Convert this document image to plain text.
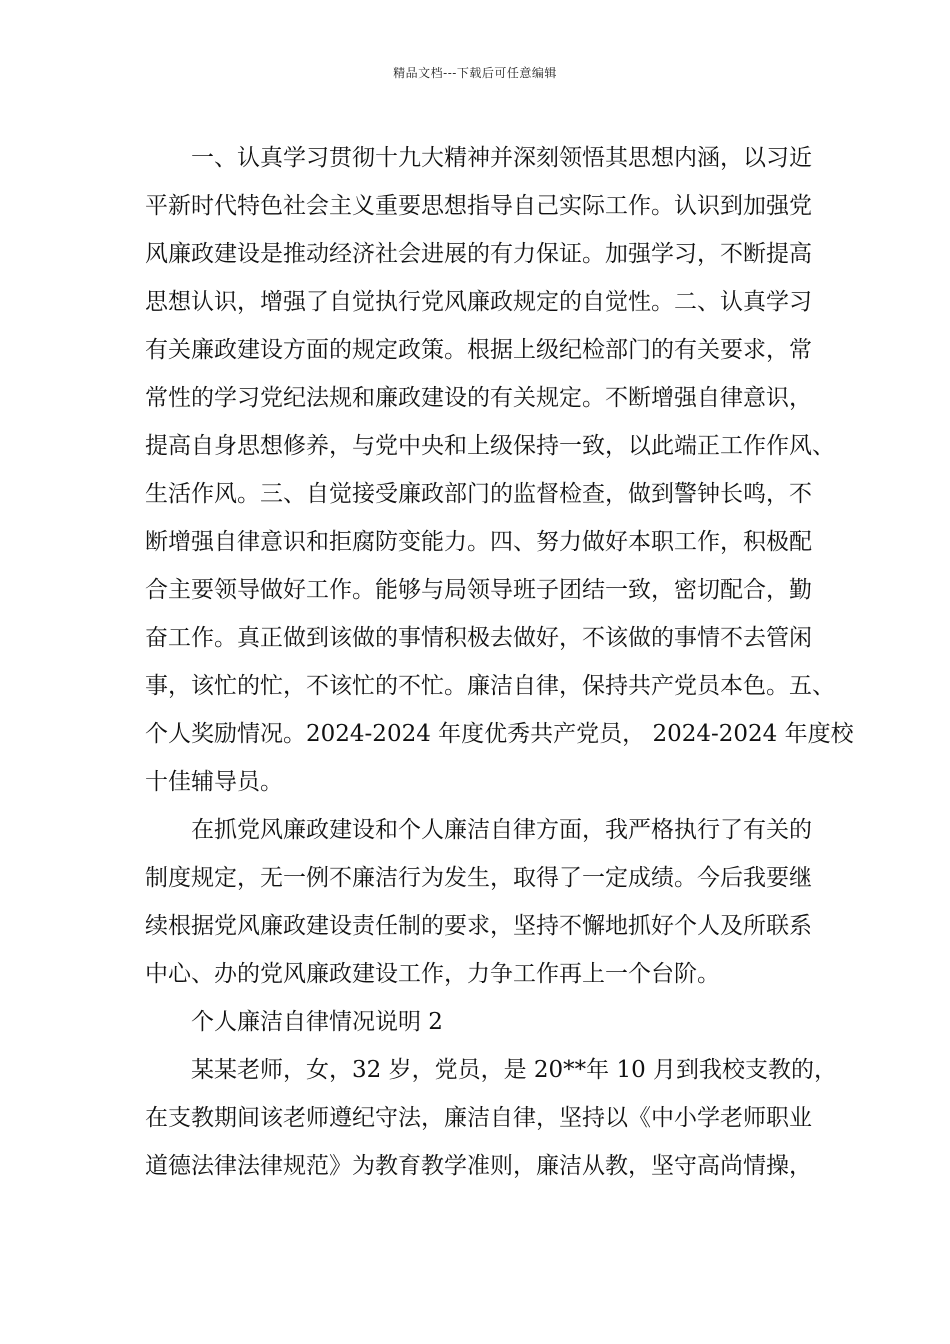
精品文档---下载后可任意编辑
一、认真学习贯彻十九大精神并深刻领悟其思想内涵，以习近
平新时代特色社会主义重要思想指导自己实际工作。认识到加强党
风廉政建设是推动经济社会进展的有力保证。加强学习，不断提高
思想认识，增强了自觉执行党风廉政规定的自觉性。二、认真学习
有关廉政建设方面的规定政策。根据上级纪检部门的有关要求，常
常性的学习党纪法规和廉政建设的有关规定。不断增强自律意识，
提高自身思想修养，与党中央和上级保持一致，以此端正工作作风、
生活作风。三、自觉接受廉政部门的监督检查，做到警钟长鸣，不
断增强自律意识和拒腐防变能力。四、努力做好本职工作，积极配
合主要领导做好工作。能够与局领导班子团结一致，密切配合，勤
奋工作。真正做到该做的事情积极去做好，不该做的事情不去管闲
事，该忙的忙，不该忙的不忙。廉洁自律，保持共产党员本色。五、
个人奖励情况。2024-2024 年度优秀共产党员， 2024-2024 年度校
十佳辅导员。
在抓党风廉政建设和个人廉洁自律方面，我严格执行了有关的
制度规定，无一例不廉洁行为发生，取得了一定成绩。今后我要继
续根据党风廉政建设责任制的要求，坚持不懈地抓好个人及所联系
中心、办的党风廉政建设工作，力争工作再上一个台阶。
个人廉洁自律情况说明 2
某某老师，女，32 岁，党员，是 20**年 10 月到我校支教的，
在支教期间该老师遵纪守法，廉洁自律，坚持以《中小学老师职业
道德法律法律规范》为教育教学准则，廉洁从教，坚守高尚情操，
